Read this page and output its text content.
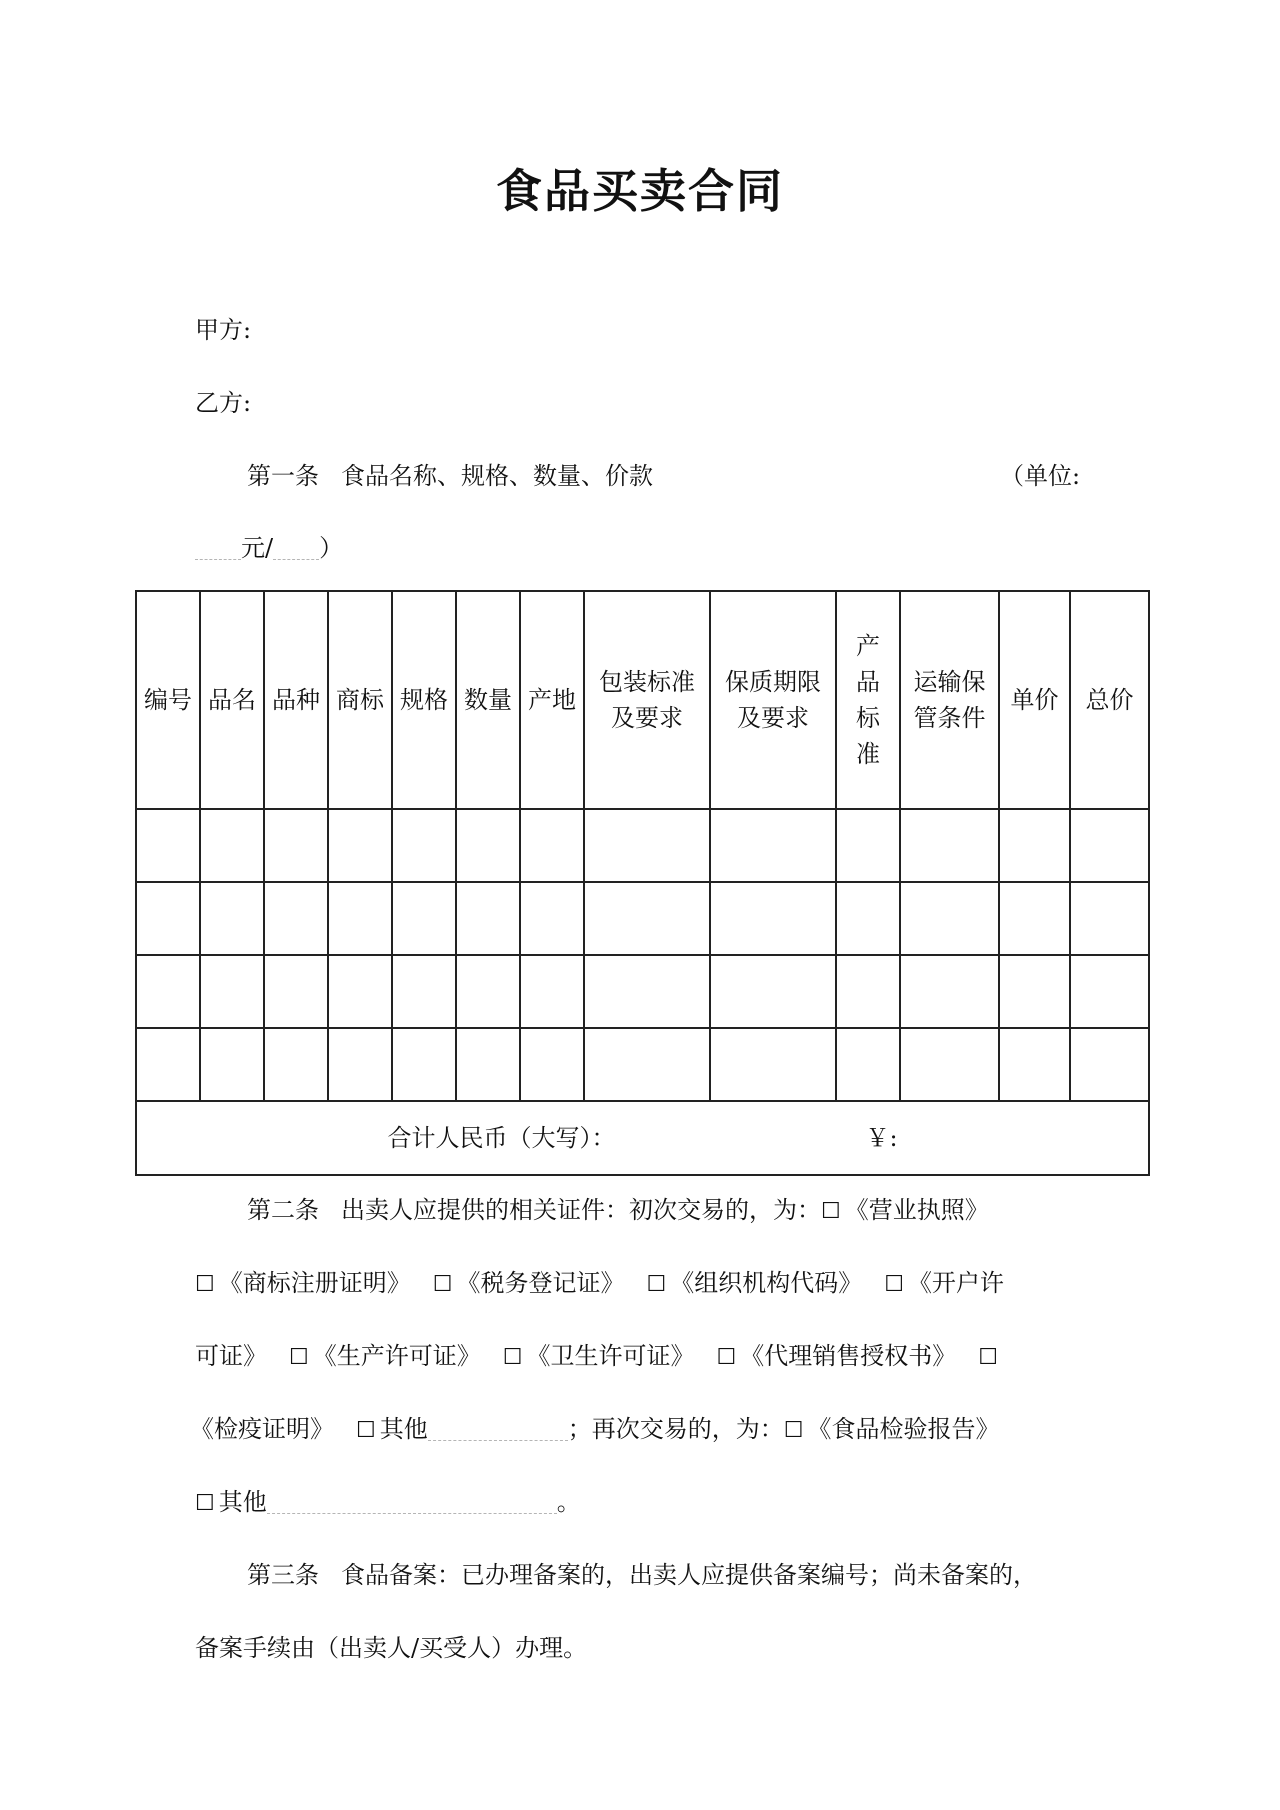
食品买卖合同
甲方:
乙方:
第一条 食品名称、规格、数量、价款	（单位:
元/ ）
编号	品名	品种	商标	规格	数量	产地	包装标准及要求	保质期限及要求	产品标准	运输保管条件	单价	总价

合计人民币（大写）： ￥:												
第二条 出卖人应提供的相关证件：初次交易的，为：☐ 《营业执照》
☐ 《商标注册证明》 ☐ 《税务登记证》 ☐ 《组织机构代码》 ☐ 《开户许
可证》 ☐ 《生产许可证》 ☐ 《卫生许可证》 ☐ 《代理销售授权书》 ☐
《检疫证明》 ☐ 其他	；再次交易的，为：☐ 《食品检验报告》
☐ 其他	。
第三条 食品备案：已办理备案的，出卖人应提供备案编号；尚未备案的，
备案手续由（出卖人/买受人）办理。
